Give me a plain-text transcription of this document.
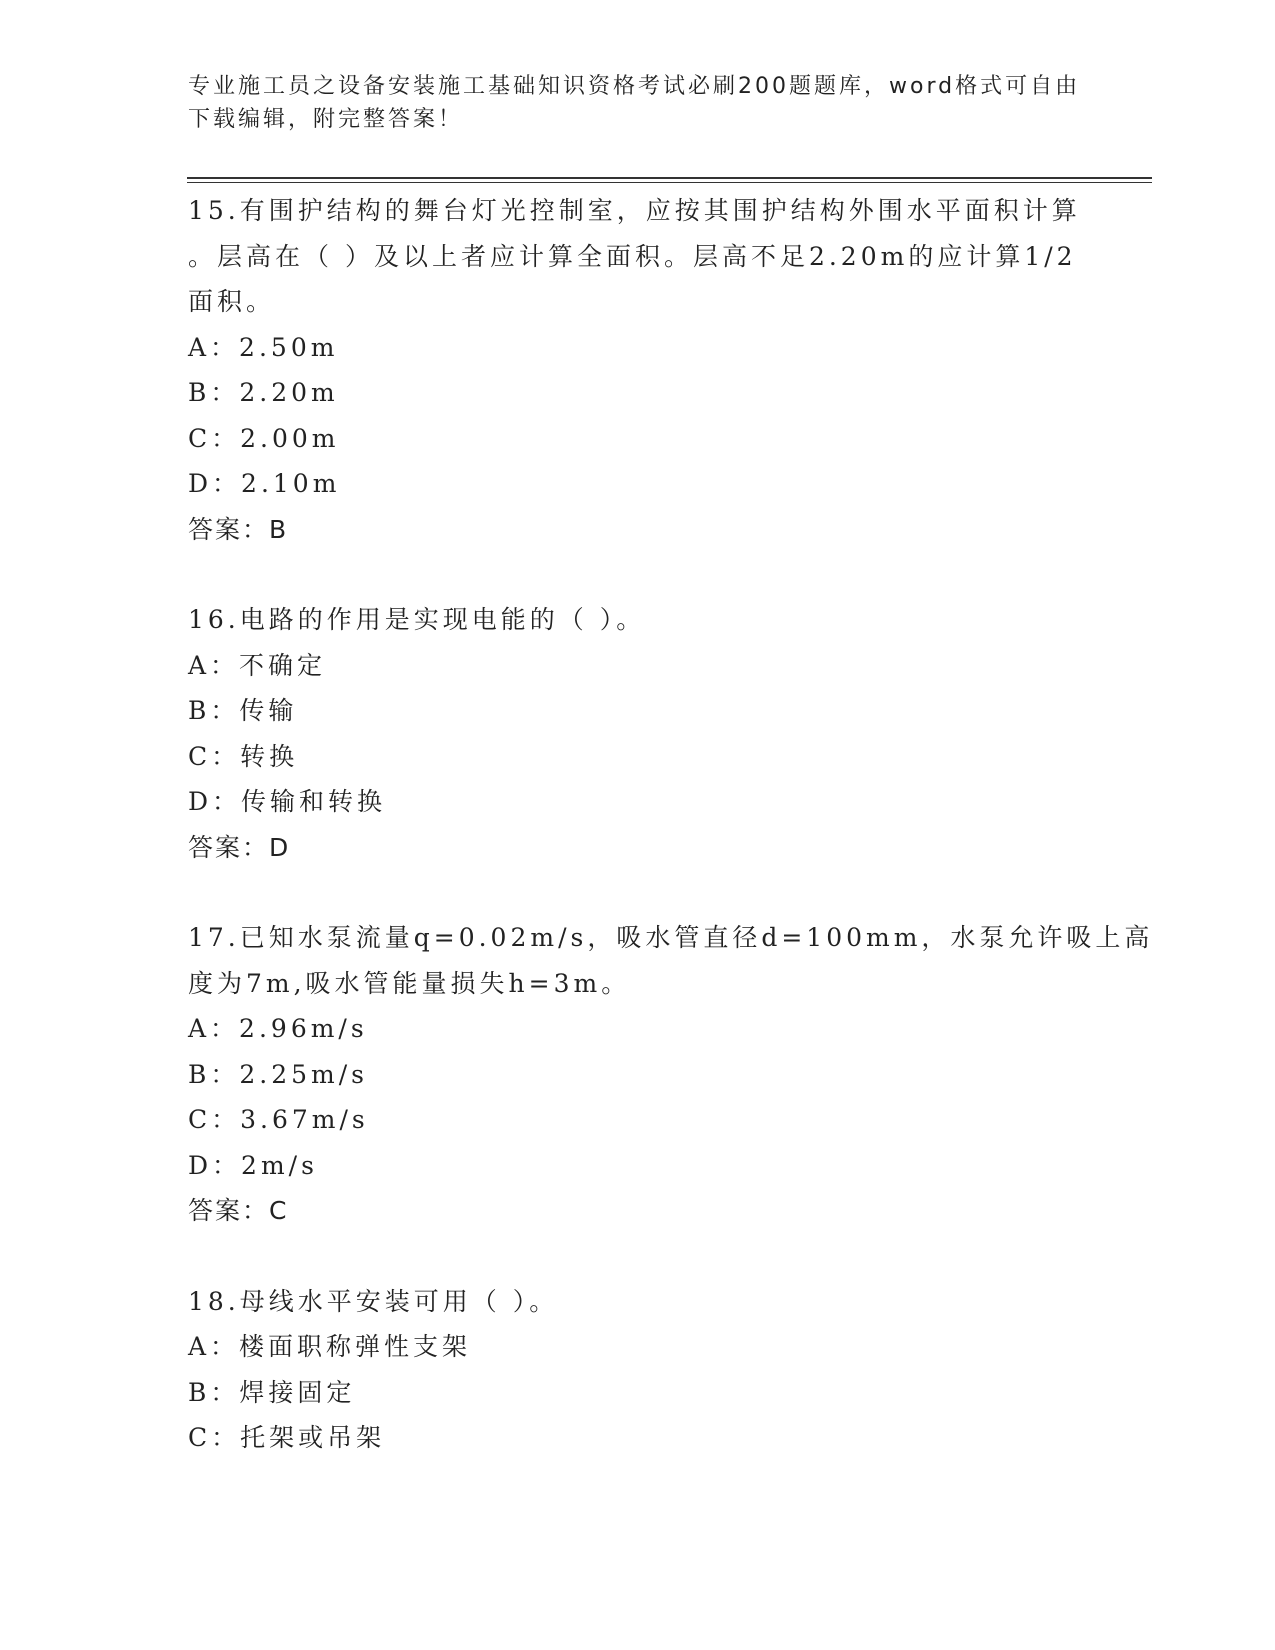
专业施工员之设备安装施工基础知识资格考试必刷200题题库，word格式可自由下载编辑，附完整答案！
15.有围护结构的舞台灯光控制室，应按其围护结构外围水平面积计算
。层高在（ ）及以上者应计算全面积。层高不足2.20m的应计算1/2
面积。
A：2.50m
B：2.20m
C：2.00m
D：2.10m
答案：B
16.电路的作用是实现电能的（ ）。
A：不确定
B：传输
C：转换
D：传输和转换
答案：D
17.已知水泵流量q=0.02m/s，吸水管直径d=100mm，水泵允许吸上高
度为7m,吸水管能量损失h=3m。
A：2.96m/s
B：2.25m/s
C：3.67m/s
D：2m/s
答案：C
18.母线水平安装可用（ ）。
A：楼面职称弹性支架
B：焊接固定
C：托架或吊架
